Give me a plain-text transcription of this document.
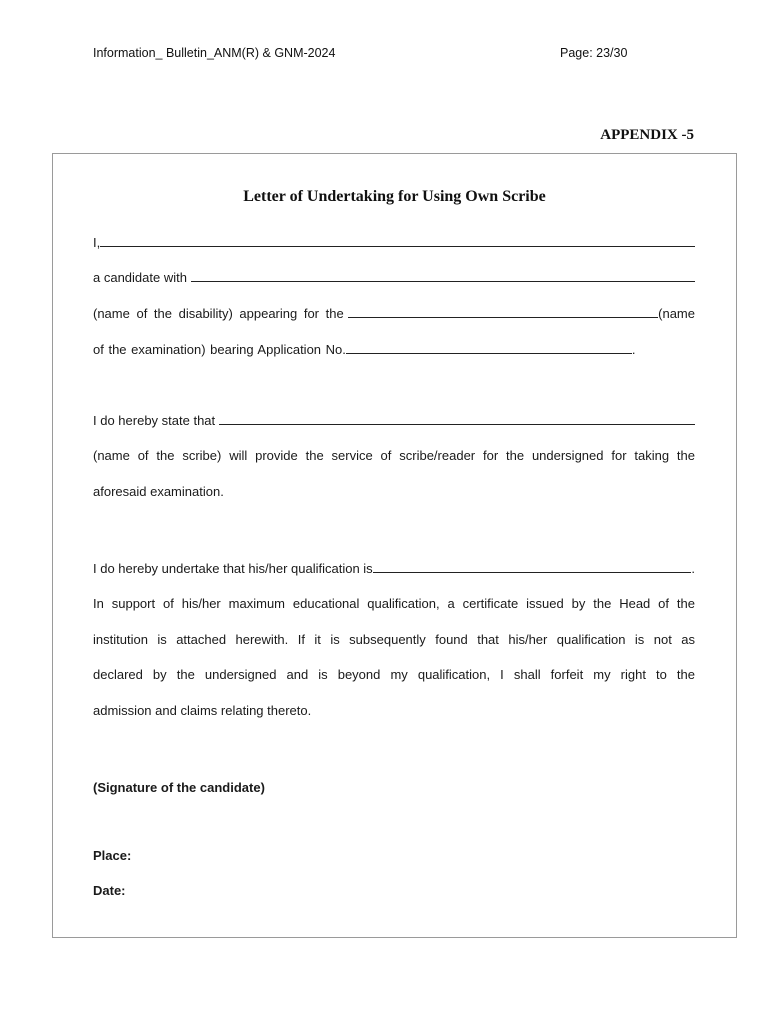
Information_ Bulletin_ANM(R) & GNM-2024	Page: 23/30
APPENDIX -5
Letter of Undertaking for Using Own Scribe
I,
a candidate with
(name of the disability) appearing for the	(name
of the examination) bearing Application No.	.
I do hereby state that
(name of the scribe) will provide the service of scribe/reader for the undersigned for taking the
aforesaid examination.
I do hereby undertake that his/her qualification is	.
In support of his/her maximum educational qualification, a certificate issued by the Head of the
institution is attached herewith. If it is subsequently found that his/her qualification is not as
declared by the undersigned and is beyond my qualification, I shall forfeit my right to the
admission and claims relating thereto.
(Signature of the candidate)
Place:
Date:
